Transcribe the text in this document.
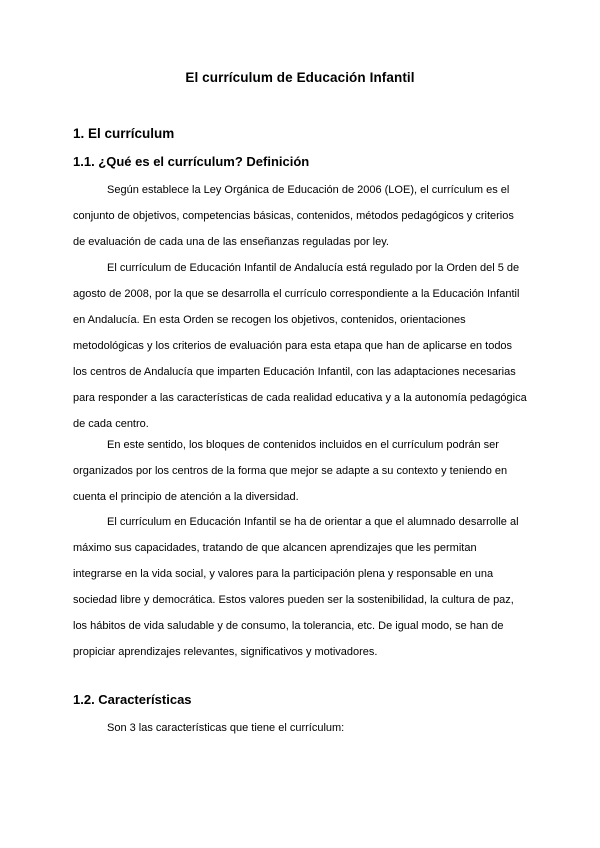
El currículum de Educación Infantil
1. El currículum
1.1. ¿Qué es el currículum? Definición

Según establece la Ley Orgánica de Educación de 2006 (LOE), el currículum es el conjunto de objetivos, competencias básicas, contenidos, métodos pedagógicos y criterios de evaluación de cada una de las enseñanzas reguladas por ley.

El currículum de Educación Infantil de Andalucía está regulado por la Orden del 5 de agosto de 2008, por la que se desarrolla el currículo correspondiente a la Educación Infantil en Andalucía. En esta Orden se recogen los objetivos, contenidos, orientaciones metodológicas y los criterios de evaluación para esta etapa que han de aplicarse en todos los centros de Andalucía que imparten Educación Infantil, con las adaptaciones necesarias para responder a las características de cada realidad educativa y a la autonomía pedagógica de cada centro.

En este sentido, los bloques de contenidos incluidos en el currículum podrán ser organizados por los centros de la forma que mejor se adapte a su contexto y teniendo en cuenta el principio de atención a la diversidad.

El currículum en Educación Infantil se ha de orientar a que el alumnado desarrolle al máximo sus capacidades, tratando de que alcancen aprendizajes que les permitan integrarse en la vida social, y valores para la participación plena y responsable en una sociedad libre y democrática. Estos valores pueden ser la sostenibilidad, la cultura de paz, los hábitos de vida saludable y de consumo, la tolerancia, etc. De igual modo, se han de propiciar aprendizajes relevantes, significativos y motivadores.

1.2. Características

Son 3 las características que tiene el currículum:
